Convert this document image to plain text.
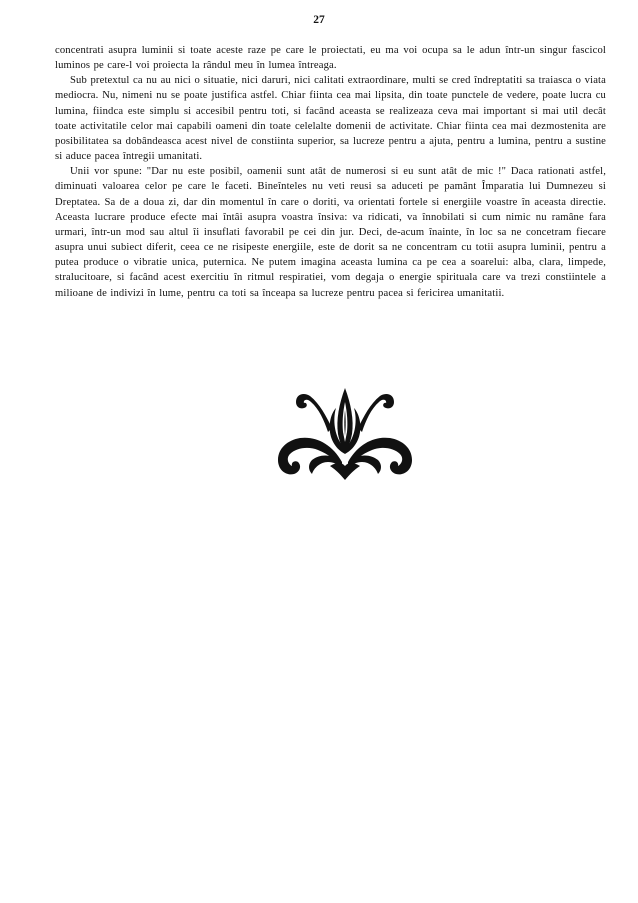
27

concentrati asupra luminii si toate aceste raze pe care le proiectati, eu ma voi ocupa sa le adun într-un singur fascicol luminos pe care-l voi proiecta la rândul meu în lumea întreaga.

Sub pretextul ca nu au nici o situatie, nici daruri, nici calitati extraordinare, multi se cred îndreptatiti sa traiasca o viata mediocra. Nu, nimeni nu se poate justifica astfel. Chiar fiinta cea mai lipsita, din toate punctele de vedere, poate lucra cu lumina, fiindca este simplu si accesibil pentru toti, si facând aceasta se realizeaza ceva mai important si mai util decât toate activitatile celor mai capabili oameni din toate celelalte domenii de activitate. Chiar fiinta cea mai dezmostenita are posibilitatea sa dobândeasca acest nivel de constiinta superior, sa lucreze pentru a ajuta, pentru a lumina, pentru a sustine si aduce pacea întregii umanitati.

Unii vor spune: "Dar nu este posibil, oamenii sunt atât de numerosi si eu sunt atât de mic !" Daca rationati astfel, diminuati valoarea celor pe care le faceti. Bineînteles nu veti reusi sa aduceti pe pamânt Împaratia lui Dumnezeu si Dreptatea. Sa de a doua zi, dar din momentul în care o doriti, va orientati fortele si energiile voastre în aceasta directie. Aceasta lucrare produce efecte mai întâi asupra voastra însiva: va ridicati, va înnobilati si cum nimic nu ramâne fara urmari, într-un mod sau altul îi insuflati favorabil pe cei din jur. Deci, de-acum înainte, în loc sa ne concetram fiecare asupra unui subiect diferit, ceea ce ne risipeste energiile, este de dorit sa ne concentram cu totii asupra luminii, pentru a putea produce o vibratie unica, puternica. Ne putem imagina aceasta lumina ca pe cea a soarelui: alba, clara, limpede, stralucitoare, si facând acest exercitiu în ritmul respiratiei, vom degaja o energie spirituala care va trezi constiintele a milioane de indivizi în lume, pentru ca toti sa înceapa sa lucreze pentru pacea si fericirea umanitatii.
